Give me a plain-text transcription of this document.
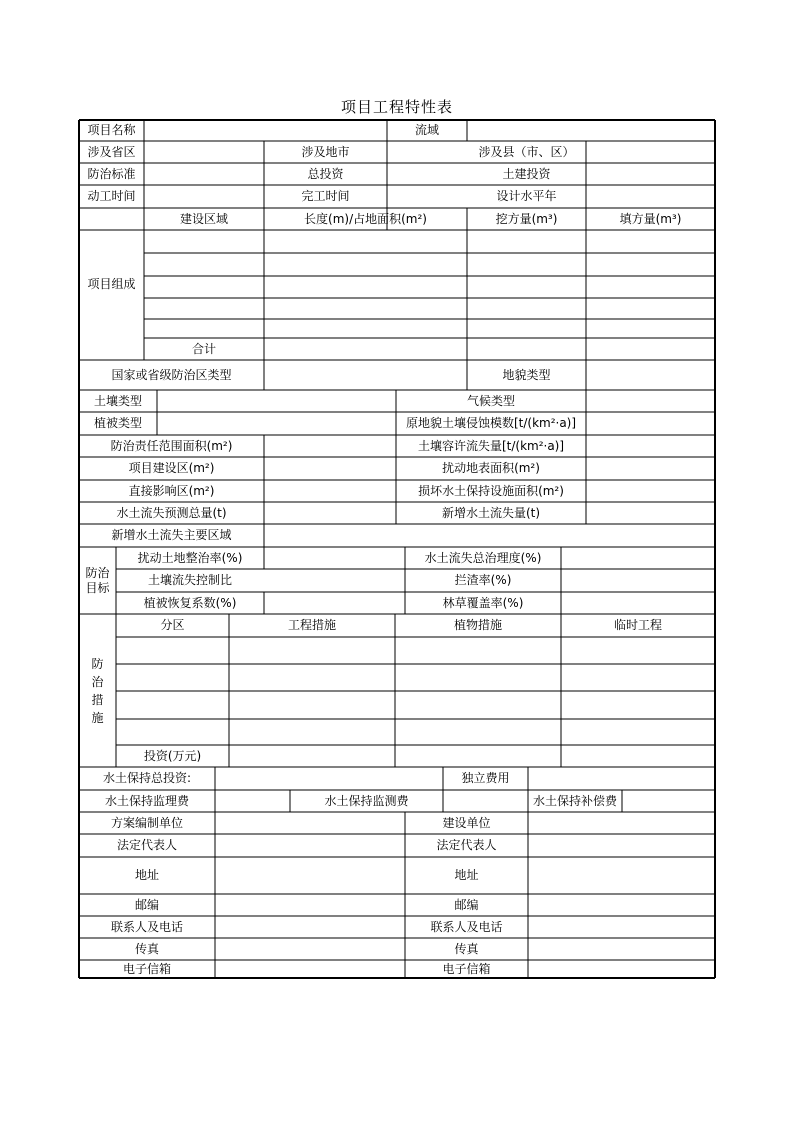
项目工程特性表
项目名称	流域
涉及省区	涉及地市	涉及县（市、区）
防治标准	总投资	土建投资
动工时间	完工时间	设计水平年
项目组成
建设区域	长度(m)/占地面积(m²)	挖方量(m³)	填方量(m³)
合计
国家或省级防治区类型	地貌类型
土壤类型	气候类型
植被类型	原地貌土壤侵蚀模数[t/(km²·a)]
防治责任范围面积(m²)	土壤容许流失量[t/(km²·a)]
项目建设区(m²)	扰动地表面积(m²)
直接影响区(m²)	损坏水土保持设施面积(m²)
水土流失预测总量(t)	新增水土流失量(t)
新增水土流失主要区域
防治目标
扰动土地整治率(%)	水土流失总治理度(%)
土壤流失控制比	拦渣率(%)
植被恢复系数(%)	林草覆盖率(%)
防治措施
分区	工程措施	植物措施	临时工程
投资(万元)
水土保持总投资:	独立费用
水土保持监理费	水土保持监测费	水土保持补偿费
方案编制单位	建设单位
法定代表人	法定代表人
地址	地址
邮编	邮编
联系人及电话	联系人及电话
传真	传真
电子信箱	电子信箱
